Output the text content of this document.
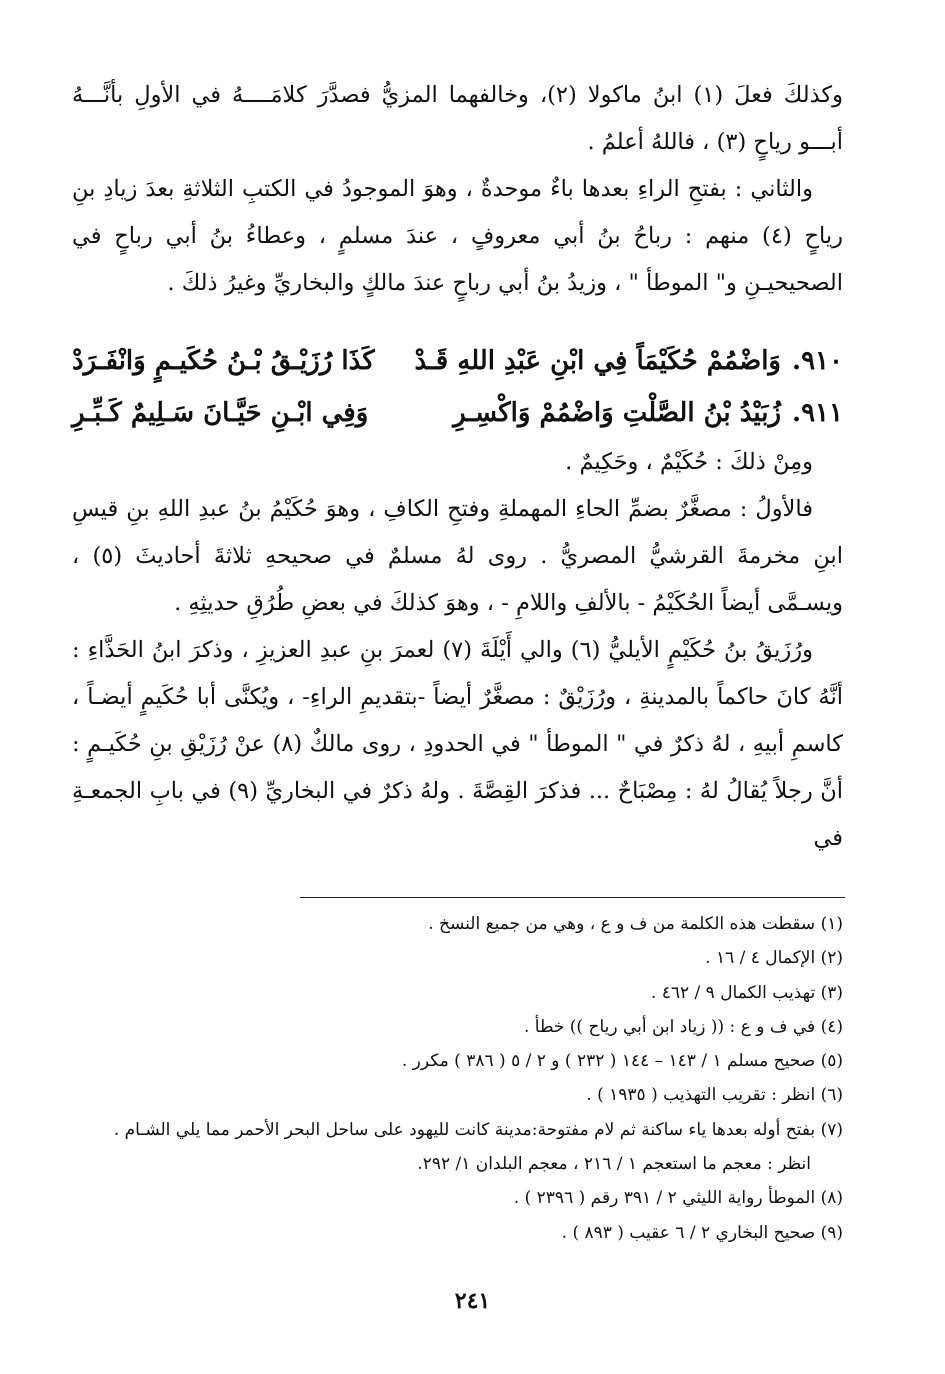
وكذلكَ فعلَ (١) ابنُ ماكولا (٢)، وخالفهما المزيُّ فصدَّرَ كلامَــــهُ في الأولِ بأنَّـــهُ أبـــو رياحٍ (٣) ، فاللهُ أعلمُ .

والثاني : بفتحِ الراءِ بعدها باءٌ موحدةٌ ، وهوَ الموجودُ في الكتبِ الثلاثةِ بعدَ زيادِ بنِ رياحٍ (٤) منهم : رباحُ بنُ أبي معروفٍ ، عندَ مسلمٍ ، وعطاءُ بنُ أبي رباحٍ في الصحيحيـنِ و" الموطأ " ، وزيدُ بنُ أبي رباحٍ عندَ مالكٍ والبخاريِّ وغيرُ ذلكَ .

٩١٠.
وَاضْمُمْ حُكَيْمَاً فِي ابْنِ عَبْدِ اللهِ قَـدْ
كَذَا رُزَيْـقُ بْـنُ حُكَيـمٍ وَانْفَـرَدْ

٩١١.
زُبَيْدُ بْنُ الصَّلْتِ وَاضْمُمْ وَاكْسِـرِ
وَفِي ابْـنِ حَيَّـانَ سَـلِيمٌ كَـبِّـرِ

ومِنْ ذلكَ : حُكَيْمٌ ، وحَكِيمٌ .

فالأولُ : مصغَّرٌ بضمِّ الحاءِ المهملةِ وفتحِ الكافِ ، وهوَ حُكَيْمُ بنُ عبدِ اللهِ بنِ قيسِ ابنِ مخرمةَ القرشيُّ المصريُّ . روى لهُ مسلمٌ في صحيحهِ ثلاثةَ أحاديثَ (٥) ، ويسـمَّى أيضاً الحُكَيْمُ - بالألفِ واللامِ - ، وهوَ كذلكَ في بعضِ طُرُقِ حديثِهِ .

ورُزَيقُ بنُ حُكَيْمٍ الأيليُّ (٦) والي أَيْلَةَ (٧) لعمرَ بنِ عبدِ العزيزِ ، وذكرَ ابنُ الحَذَّاءِ : أنَّهُ كانَ حاكماً بالمدينةِ ، ورُزَيْقٌ : مصغَّرٌ أيضاً -بتقديمِ الراءِ- ، ويُكنَّى أبا حُكَيمٍ أيضـاً ، كاسمِ أبيهِ ، لهُ ذكرٌ في " الموطأ " في الحدودِ ، روى مالكٌ (٨) عنْ رُزَيْقِ بنِ حُكَيـمٍ : أنَّ رجلاً يُقالُ لهُ : مِصْبَاحٌ ... فذكرَ القِصَّةَ . ولهُ ذكرٌ في البخاريِّ (٩) في بابِ الجمعـةِ في

(١) سقطت هذه الكلمة من ف و ع ، وهي من جميع النسخ .

(٢) الإكمال ٤ / ١٦ .

(٣) تهذيب الكمال ٩ / ٤٦٢ .

(٤) في ف و ع : (( زياد ابن أبي رياح )) خطأ .

(٥) صحيح مسلم ١ / ١٤٣ – ١٤٤ ( ٢٣٢ ) و ٢ / ٥ ( ٣٨٦ ) مكرر .

(٦) انظر : تقريب التهذيب ( ١٩٣٥ ) .

(٧) بفتح أوله بعدها ياء ساكنة ثم لام مفتوحة:مدينة كانت لليهود على ساحل البحر الأحمر مما يلي الشـام .

انظر : معجم ما استعجم ١ / ٢١٦ ، معجم البلدان ١/ ٢٩٢.

(٨) الموطأ رواية الليثي ٢ / ٣٩١ رقم ( ٢٣٩٦ ) .

(٩) صحيح البخاري ٢ / ٦ عقيب ( ٨٩٣ ) .

٢٤١
